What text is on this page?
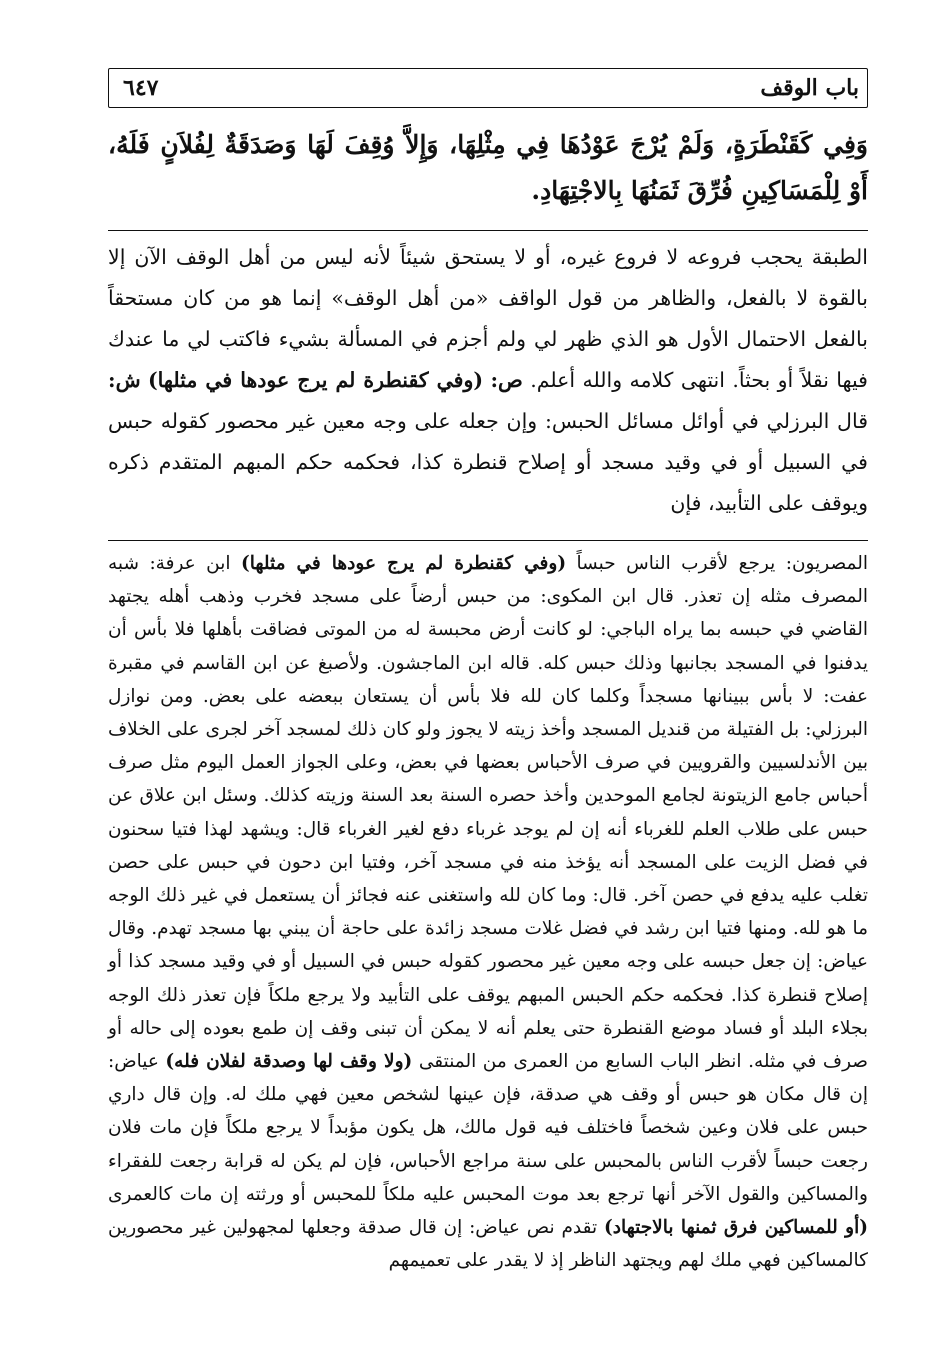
باب الوقف
٦٤٧

وَفِي كَقَنْطَرَةٍ، وَلَمْ يُرْجَ عَوْدُهَا فِي مِثْلِهَا، وَإِلاَّ وُقِفَ لَهَا وَصَدَقَةٌ لِفُلاَنٍ فَلَهُ، أَوْ لِلْمَسَاكِينِ فُرِّقَ ثَمَنُهَا بِالاجْتِهَادِ.

الطبقة يحجب فروعه لا فروع غيره، أو لا يستحق شيئاً لأنه ليس من أهل الوقف الآن إلا بالقوة لا بالفعل، والظاهر من قول الواقف «من أهل الوقف» إنما هو من كان مستحقاً بالفعل الاحتمال الأول هو الذي ظهر لي ولم أجزم في المسألة بشيء فاكتب لي ما عندك فيها نقلاً أو بحثاً. انتهى كلامه والله أعلم. ص: (وفي كقنطرة لم يرج عودها في مثلها) ش: قال البرزلي في أوائل مسائل الحبس: وإن جعله على وجه معين غير محصور كقوله حبس في السبيل أو في وقيد مسجد أو إصلاح قنطرة كذا، فحكمه حكم المبهم المتقدم ذكره ويوقف على التأبيد، فإن

المصريون: يرجع لأقرب الناس حبساً (وفي كقنطرة لم يرج عودها في مثلها) ابن عرفة: شبه المصرف مثله إن تعذر. قال ابن المكوى: من حبس أرضاً على مسجد فخرب وذهب أهله يجتهد القاضي في حبسه بما يراه الباجي: لو كانت أرض محبسة له من الموتى فضاقت بأهلها فلا بأس أن يدفنوا في المسجد بجانبها وذلك حبس كله. قاله ابن الماجشون. ولأصبغ عن ابن القاسم في مقبرة عفت: لا بأس ببينانها مسجداً وكلما كان لله فلا بأس أن يستعان ببعضه على بعض. ومن نوازل البرزلي: بل الفتيلة من قنديل المسجد وأخذ زيته لا يجوز ولو كان ذلك لمسجد آخر لجرى على الخلاف بين الأندلسيين والقرويين في صرف الأحباس بعضها في بعض، وعلى الجواز العمل اليوم مثل صرف أحباس جامع الزيتونة لجامع الموحدين وأخذ حصره السنة بعد السنة وزيته كذلك. وسئل ابن علاق عن حبس على طلاب العلم للغرباء أنه إن لم يوجد غرباء دفع لغير الغرباء قال: ويشهد لهذا فتيا سحنون في فضل الزيت على المسجد أنه يؤخذ منه في مسجد آخر، وفتيا ابن دحون في حبس على حصن تغلب عليه يدفع في حصن آخر. قال: وما كان لله واستغنى عنه فجائز أن يستعمل في غير ذلك الوجه ما هو لله. ومنها فتيا ابن رشد في فضل غلات مسجد زائدة على حاجة أن يبني بها مسجد تهدم. وقال عياض: إن جعل حبسه على وجه معين غير محصور كقوله حبس في السبيل أو في وقيد مسجد كذا أو إصلاح قنطرة كذا. فحكمه حكم الحبس المبهم يوقف على التأبيد ولا يرجع ملكاً فإن تعذر ذلك الوجه بجلاء البلد أو فساد موضع القنطرة حتى يعلم أنه لا يمكن أن تبنى وقف إن طمع بعوده إلى حاله أو صرف في مثله. انظر الباب السابع من العمرى من المنتقى (ولا وقف لها وصدقة لفلان فله) عياض: إن قال مكان هو حبس أو وقف هي صدقة، فإن عينها لشخص معين فهي ملك له. وإن قال داري حبس على فلان وعين شخصاً فاختلف فيه قول مالك، هل يكون مؤبداً لا يرجع ملكاً فإن مات فلان رجعت حبساً لأقرب الناس بالمحبس على سنة مراجع الأحباس، فإن لم يكن له قرابة رجعت للفقراء والمساكين والقول الآخر أنها ترجع بعد موت المحبس عليه ملكاً للمحبس أو ورثته إن مات كالعمرى (أو للمساكين فرق ثمنها بالاجتهاد) تقدم نص عياض: إن قال صدقة وجعلها لمجهولين غير محصورين كالمساكين فهي ملك لهم ويجتهد الناظر إذ لا يقدر على تعميمهم
